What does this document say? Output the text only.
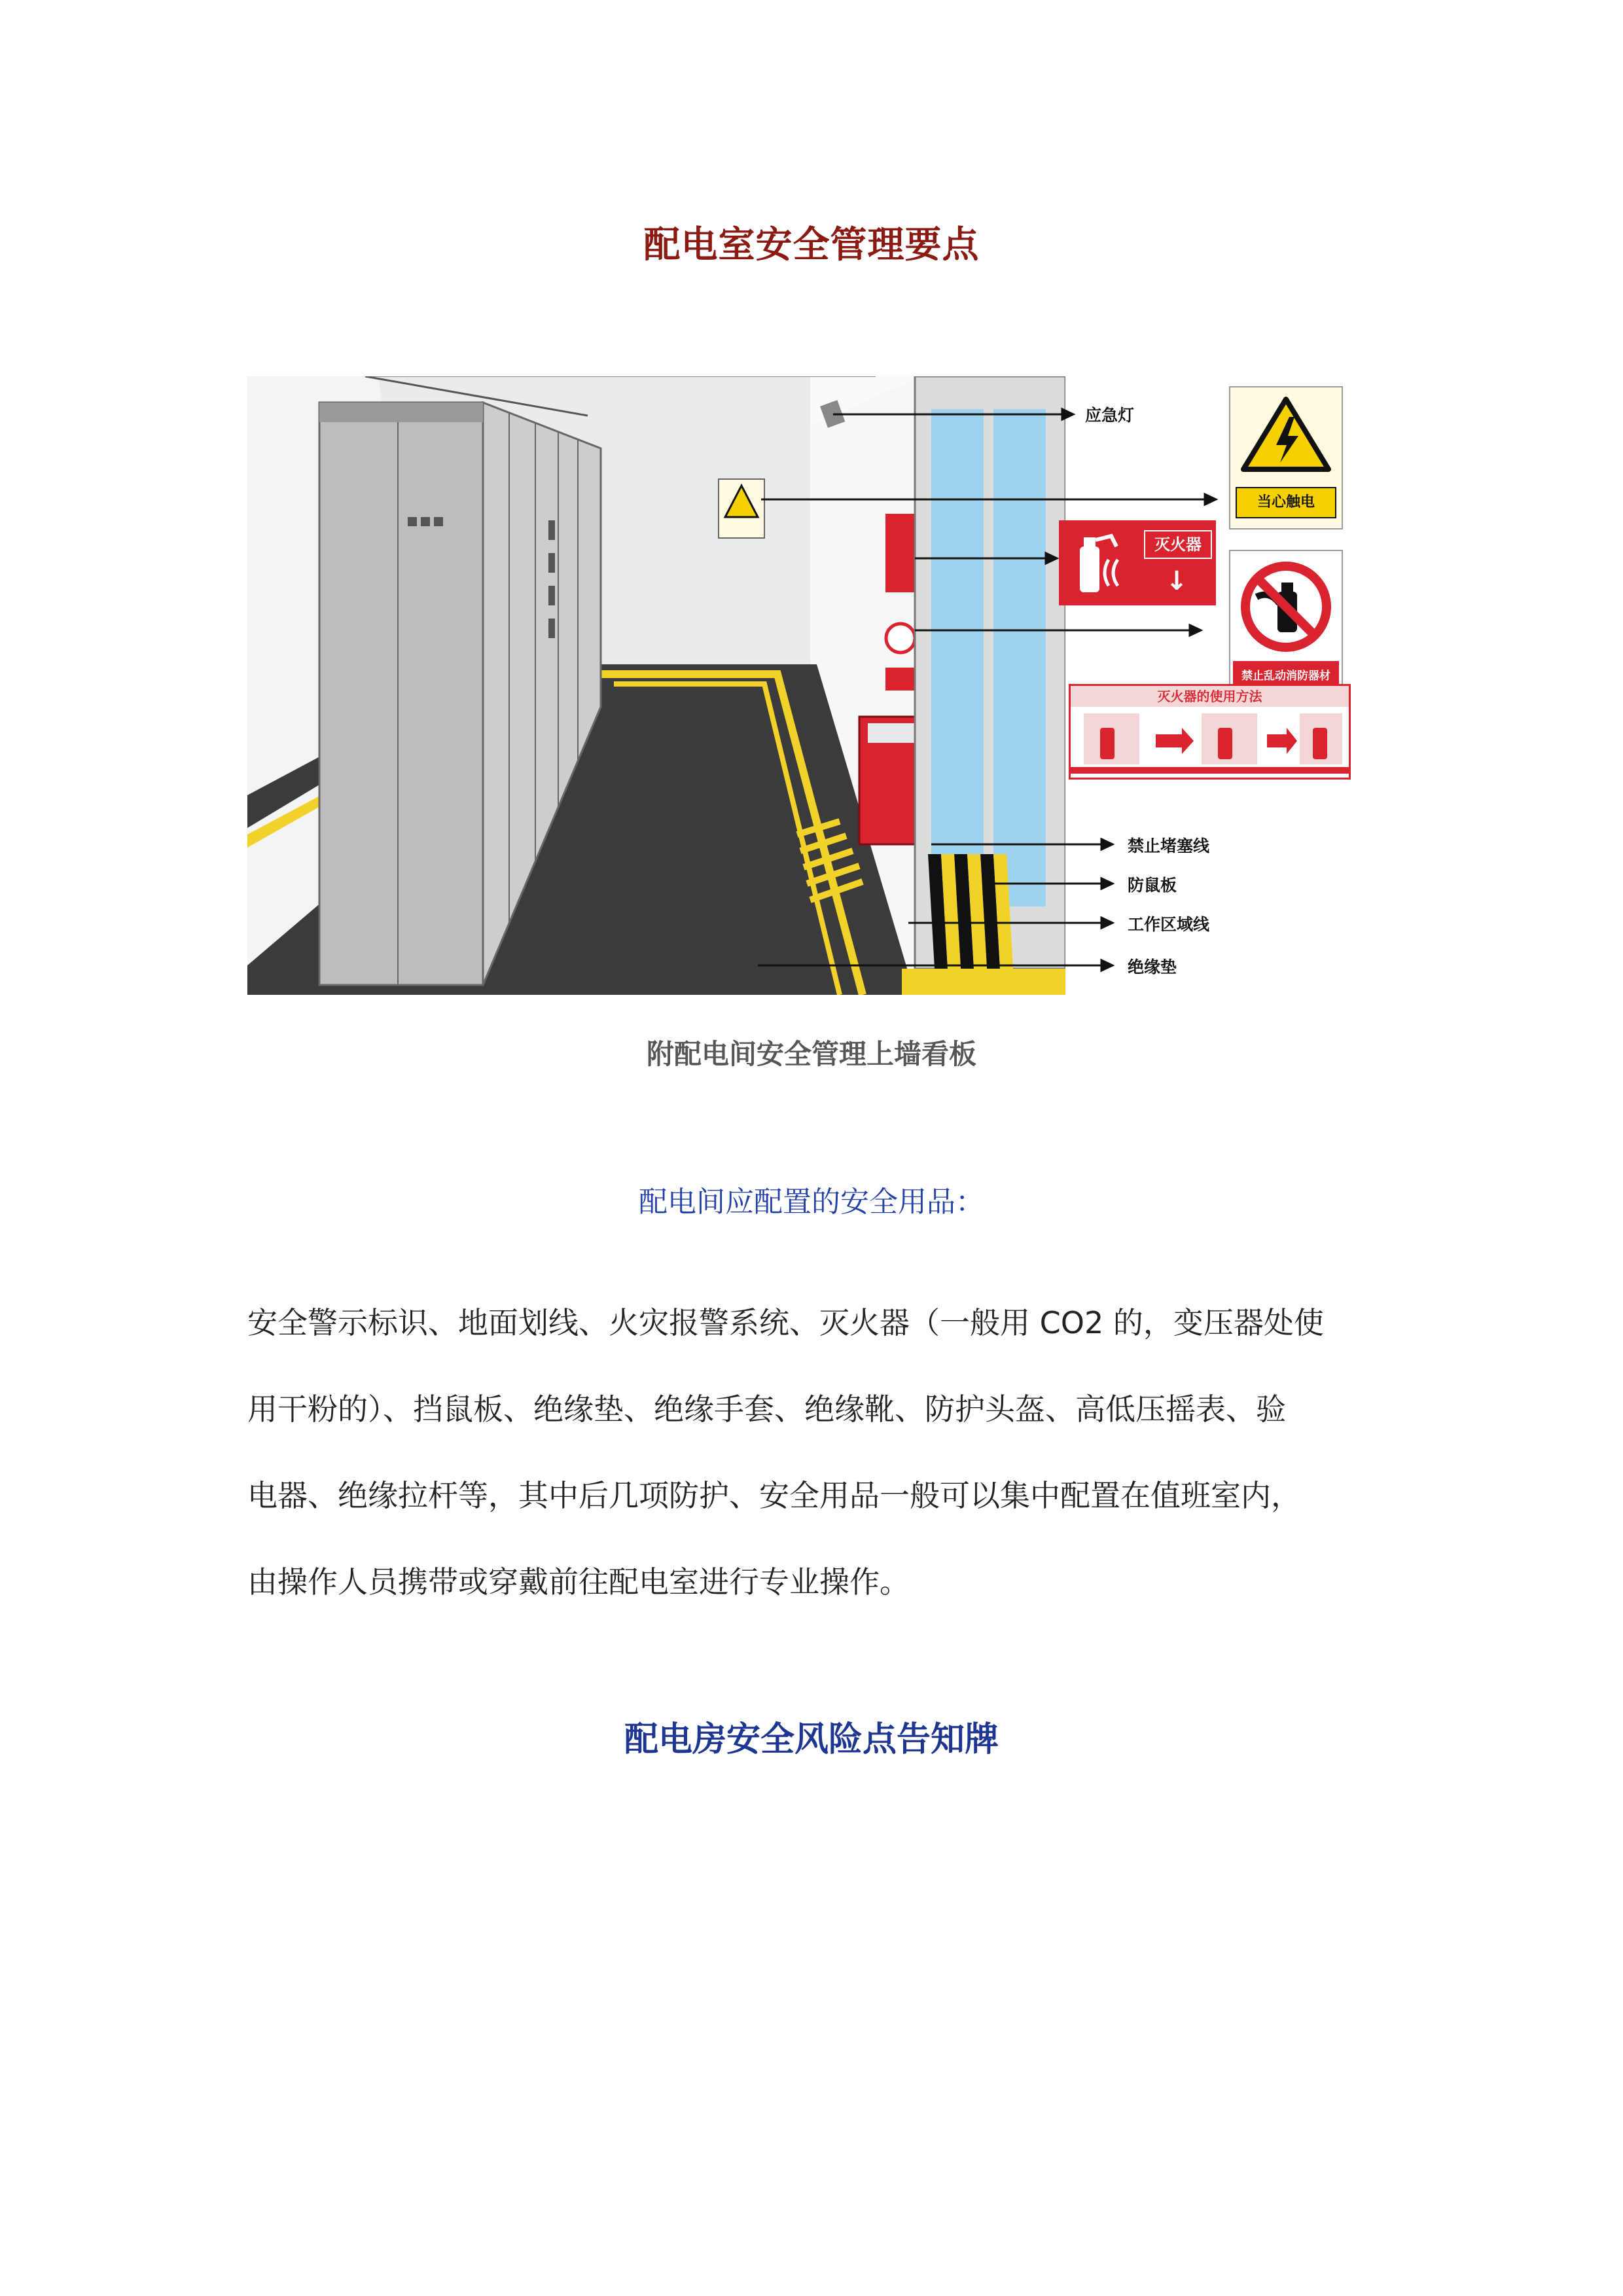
配电室安全管理要点
应急灯
禁止堵塞线
防鼠板
工作区域线
绝缘垫
当心触电
灭火器
↓
禁止乱动消防器材
灭火器的使用方法
附配电间安全管理上墙看板
配电间应配置的安全用品：
安全警示标识、地面划线、火灾报警系统、灭火器（一般用 CO2 的，变压器处使
用干粉的）、挡鼠板、绝缘垫、绝缘手套、绝缘靴、防护头盔、高低压摇表、验
电器、绝缘拉杆等，其中后几项防护、安全用品一般可以集中配置在值班室内，
由操作人员携带或穿戴前往配电室进行专业操作。
配电房安全风险点告知牌
